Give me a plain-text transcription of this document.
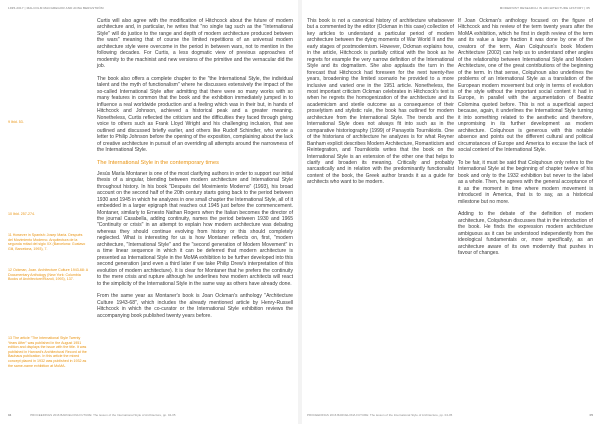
1935-2017 | MALCOLM MACGREGOR AND ANNA BERGSTRÖM	MODERNIST RESEARCH IN ARCHITECTURE HISTORY | 05

Curtis will also agree with the modification of Hitchcock about the future of modern architecture and, in particular, he writes that "no single tag such as the "International Style" will do justice to the range and depth of modern architecture produced between the wars" meaning that of course the limited repetitions of an universal modern architecture style were overcome in the period in between wars, not to mention in the following decades. For Curtis, a less dogmatic view of previous approaches of modernity to the machinist and new versions of the primitive and the vernacular did the job.

The book also offers a complete chapter to the "the International Style, the individual talent and the myth of functionalism" where he discusses extensively the impact of the so-called International Style after admitting that there were so many works with so many features in common that the book and the exhibition immediately jumped in to influence a real worldwide production and a feeling which was in their but, in hands of Hitchcock and Johnson, achieved a historical peak and a greater meaning. Nonetheless, Curtis reflected the criticism and the difficulties they faced through giving voice to others such as Frank Lloyd Wright and his challenging inclusion, that see outlined and discussed briefly earlier, and others like Rudolf Schindler, who wrote a letter to Philip Johnson before the opening of the exposition, complaining about the lack of creative architecture in pursuit of an overriding all attempts around the narrowness of the International Style.

The International Style in the contemporary times

Jesús María Montaner is one of the most clarifying authors in order to support our initial thesis of a singular, blending between modern architecture and International Style throughout history. In his book "Después del Movimiento Moderno" (1993), his broad account on the second half of the 20th century starts going back to the period between 1930 and 1945 in which he analyzes in one small chapter the International Style, all of it embedded in a larger epigraph that reaches out 1945 just before the commencement. Montaner, similarly to Ernesto Nathan Rogers when the Italian becomes the director of the journal Casabella, adding continuity, names the period between 1930 and 1965 "Continuity or crisis" in an attempt to explain how modern architecture was debating whereas they should continue evolving from history or this should completely neglected. What is interesting for us is how Montaner reflects on, first, "modern architecture, "International Style" and the "second generation of Modern Movement" in a time linear sequence in which it can be deferred that modern architecture is presented as International Style in the MoMA exhibition to be further developed into this second generation (and even a third later if we take Philip Drew's interpretation of this evolution of modern architecture). It is clear for Montaner that he prefers the continuity to the mere crisis and rupture although he underlines how modern architects will react to the simplicity of the International Style in the same way as others have already done.

From the same year as Montaner's book is Joan Ockman's anthology "Architecture Culture 1943-68", which includes the already mentioned article by Henry-Russell Hitchcock in which the co-curator or the International Style exhibition reviews the accompanying book published twenty years before.

9 Ibid. 53.
10 Ibid. 257-274.
11 However in Spanish: Josep Maria. Después del Movimiento Moderno. Arquitectura de la segunda mitad del siglo XX (Barcelona: Gustavo Gili, Barcelona, 1993), 7.
12 Ockman, Joan. Architecture Culture 1943-68: A Documentary Anthology (New York: Columbia Books of Architecture/Rizzoli, 1993), 137.
13 The article "The International Style Twenty Years After" was published in the August 1951 edition and displays the issue with the title. It was published in Harvard's Architectural Record at the Bauhaus publication. In this article the mixed concept placed in 1932 was published in 1932 as the same-name exhibition at MoMA.

This book is not a canonical history of architecture whatsoever but a commented by the editor (Ockman in this case) collection of key articles to understand a particular period of modern architecture between the dying moments of War World II and the early stages of postmodernism. However, Ockman explains how, in the article, Hitchcock is partially critical with the book as he regrets for example the very narrow definition of the International Style and its dogmatism. She also applauds the turn in the forecast that Hitchcock had foreseen for the next twenty-five years, broadening the limited scenario he provided to a more inclusive and varied one in the 1951 article. Nonetheless, the most important criticism Ockman celebrates in Hitchcock's text is when he regrets the homogenization of the architecture and its academicism and sterile outcome as a consequence of their proselytism and stylistic rule, the book has outlined for modern architecture from the International Style. The trends and the International Style does not always fit into such as in the comparative historiography (1999) of Panayotis Tournikiotis. One of the historians of architecture he analyzes is for what Reyner Banham explicit describes Modern Architecture, Romanticism and Reintegration, and Tournikiotis writes that the book on the International Style is an extension of the other one that helps to clarify and broaden its meaning. Critically and probably sarcastically and in relation with the predominantly functionalist content of the book, the Greek author brands it as a guide for architects who want to be modern.

If Joan Ockman's anthology focused on the figure of Hitchcock and his review of the term twenty years after the MoMA exhibition, which he first in depth review of the term and its value a large fraction it was done by one of the creators of the term, Alan Colquhoun's book Modern Architecture (2002) can help us to understand other angles of the relationship between International Style and Modern Architecture, one of the great contributions of the beginning of the term. In that sense, Colquhoun also underlines the problems of an International Style as a translation of the European modern movement but only in terms of evolution of the style without the important social content it had in Europe, in parallel with the argumentation of Beatriz Colomina quoted before. This is not a superficial aspect because, again, it underlines the International Style turning it into something related to the aesthetic and therefore, unpromising in its further development as modern architecture. Colquhoun is generous with this notable absence and points out the different cultural and political circumstances of Europe and America to excuse the lack of social content of the International Style.

To be fair, it must be said that Colquhoun only refers to the International Style at the beginning of chapter twelve of his book and only to the 1932 exhibition but never to the label as a whole. Then, he agrees with the general acceptance of it as the moment in time where modern movement is introduced in America, that is to say, as a historical milestone but no more.

Adding to the debate of the definition of modern architecture, Colquhoun discusses that in the introduction of the book. He finds the expression modern architecture ambiguous as it can be understood independently from the ideological fundamentals or, more specifically, as an architecture aware of its own modernity that pushes in favour of changes.

04	PROCEEDINGS 2016 BARCELONA FUTURE: The lesson of the International Style of Architecture, pp. 04-05	PROCEEDINGS 2016 BARCELONA FUTURE: The lesson of the International Style of Architecture, pp. 04-05	05
